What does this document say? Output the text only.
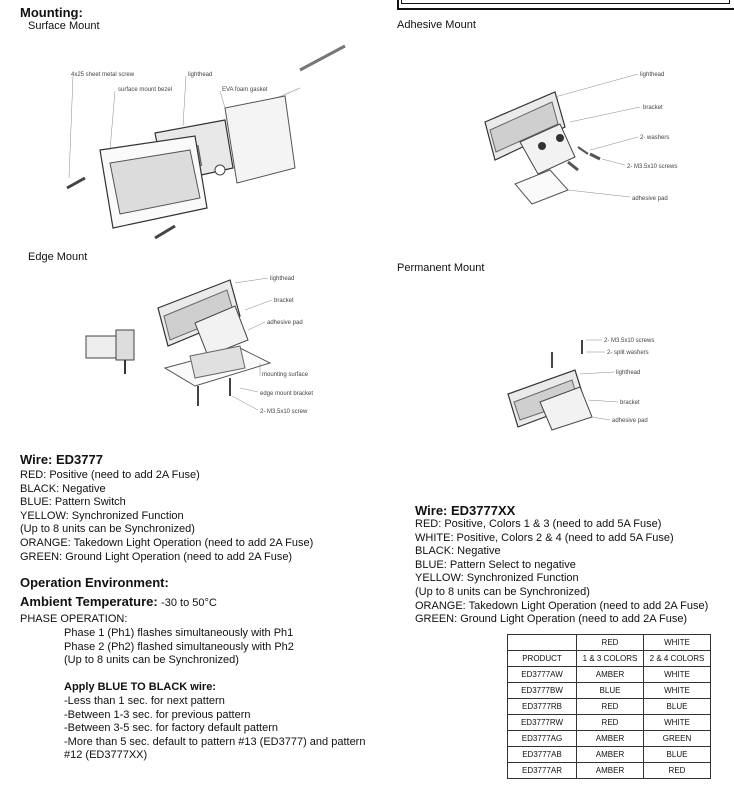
Mounting:
Surface Mount
4x25 sheet metal screw	lighthead
surface mount bezel	EVA foam gasket
Adhesive Mount
lighthead
bracket
2- washers
2- M3.5x10 screws
adhesive pad
Edge Mount
lighthead
bracket
adhesive pad
mounting surface
edge mount bracket
2- M3.5x10 screw
Permanent Mount
2- M3.5x10 screws
2- split washers
lighthead
bracket
adhesive pad
Wire: ED3777
RED: Positive (need to add 2A Fuse)
BLACK: Negative
BLUE: Pattern Switch
YELLOW: Synchronized Function
(Up to 8 units can be Synchronized)
ORANGE: Takedown Light Operation (need to add 2A Fuse)
GREEN: Ground Light Operation (need to add 2A Fuse)
Operation Environment:
Ambient Temperature: -30 to 50°C
PHASE OPERATION:
Phase 1 (Ph1) flashes simultaneously with Ph1
Phase 2 (Ph2) flashed simultaneously with Ph2
(Up to 8 units can be Synchronized)
Apply BLUE TO BLACK wire:
-Less than 1 sec. for next pattern
-Between 1-3 sec. for previous pattern
-Between 3-5 sec. for factory default pattern
-More than 5 sec. default to pattern #13 (ED3777) and pattern
#12 (ED3777XX)
Wire: ED3777XX
RED: Positive, Colors 1 & 3 (need to add 5A Fuse)
WHITE: Positive, Colors 2 & 4 (need to add 5A Fuse)
BLACK: Negative
BLUE: Pattern Select to negative
YELLOW: Synchronized Function
(Up to 8 units can be Synchronized)
ORANGE: Takedown Light Operation (need to add 2A Fuse)
GREEN: Ground Light Operation (need to add 2A Fuse)
	RED	WHITE
PRODUCT	1 & 3 COLORS	2 & 4 COLORS
ED3777AW	AMBER	WHITE
ED3777BW	BLUE	WHITE
ED3777RB	RED	BLUE
ED3777RW	RED	WHITE
ED3777AG	AMBER	GREEN
ED3777AB	AMBER	BLUE
ED3777AR	AMBER	RED
